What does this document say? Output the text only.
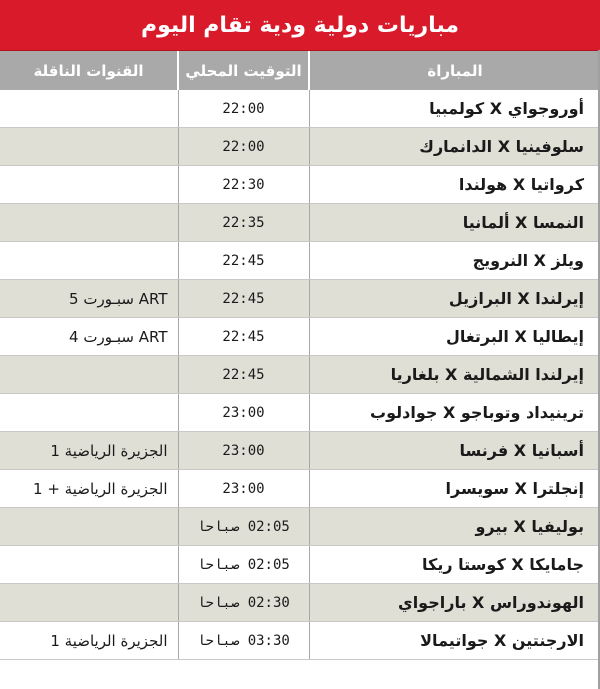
مباريات دولية ودية تقام اليوم
المباراة	التوقيت المحلي	القنوات الناقلة
أوروجواي X كولمبيا	22:00	
سلوفينيا X الدانمارك	22:00	
كرواتيا X هولندا	22:30	
النمسا X ألمانيا	22:35	
ويلز X النرويج	22:45	
إيرلندا X البرازيل	22:45	ART سبـورت 5
إيطاليا X البرتغال	22:45	ART سبـورت 4
إيرلندا الشمالية X بلغاريا	22:45	
ترينيداد وتوباجو X جوادلوب	23:00	
أسبانيا X فرنسا	23:00	الجزيرة الرياضية 1
إنجلترا X سويسرا	23:00	الجزيرة الرياضية + 1
بوليفيا X بيرو	02:05 صباحا	
جامايكا X كوستا ريكا	02:05 صباحا	
الهوندوراس X باراجواي	02:30 صباحا	
الارجنتين X جواتيمالا	03:30 صباحا	الجزيرة الرياضية 1
